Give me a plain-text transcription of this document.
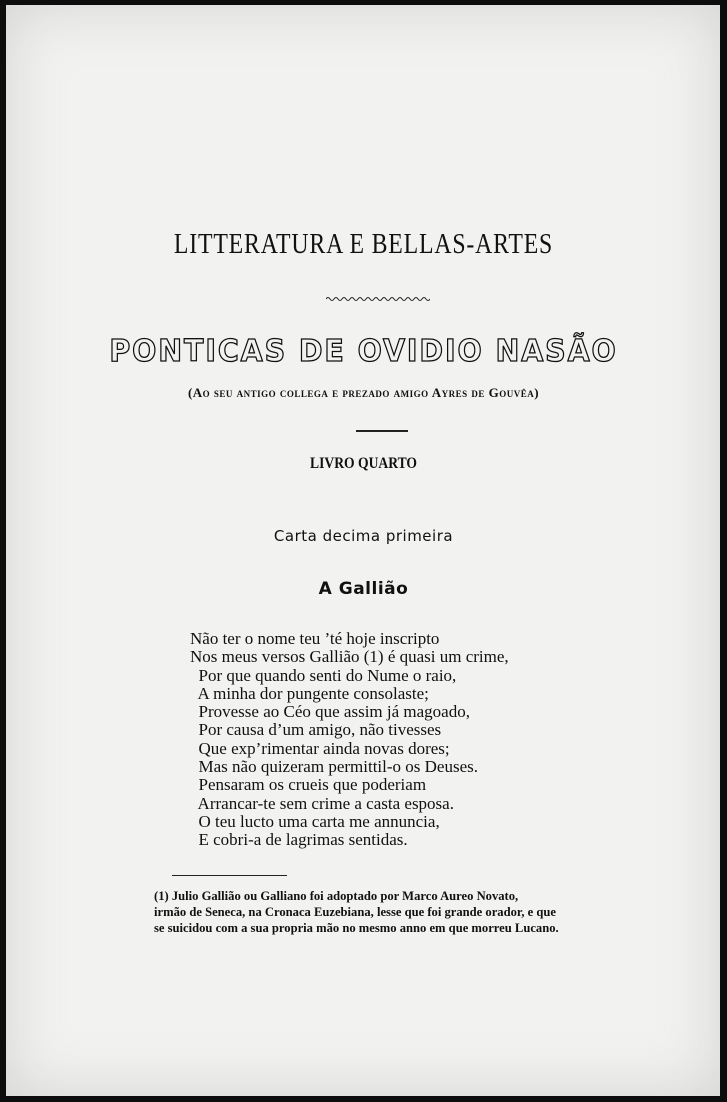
LITTERATURA E BELLAS-ARTES
PONTICAS DE OVIDIO NASÃO
(Ao seu antigo collega e prezado amigo Ayres de Gouvêa)
LIVRO QUARTO
Carta decima primeira
A Gallião
Não ter o nome teu ’té hoje inscripto
Nos meus versos Gallião (1) é quasi um crime,
Por que quando senti do Nume o raio,
A minha dor pungente consolaste;
Provesse ao Céo que assim já magoado,
Por causa d’um amigo, não tivesses
Que exp’rimentar ainda novas dores;
Mas não quizeram permittil-o os Deuses.
Pensaram os crueis que poderiam
Arrancar-te sem crime a casta esposa.
O teu lucto uma carta me annuncia,
E cobri-a de lagrimas sentidas.
(1) Julio Gallião ou Galliano foi adoptado por Marco Aureo Novato,
irmão de Seneca, na Cronaca Euzebiana, lesse que foi grande orador, e que
se suicidou com a sua propria mão no mesmo anno em que morreu Lucano.
